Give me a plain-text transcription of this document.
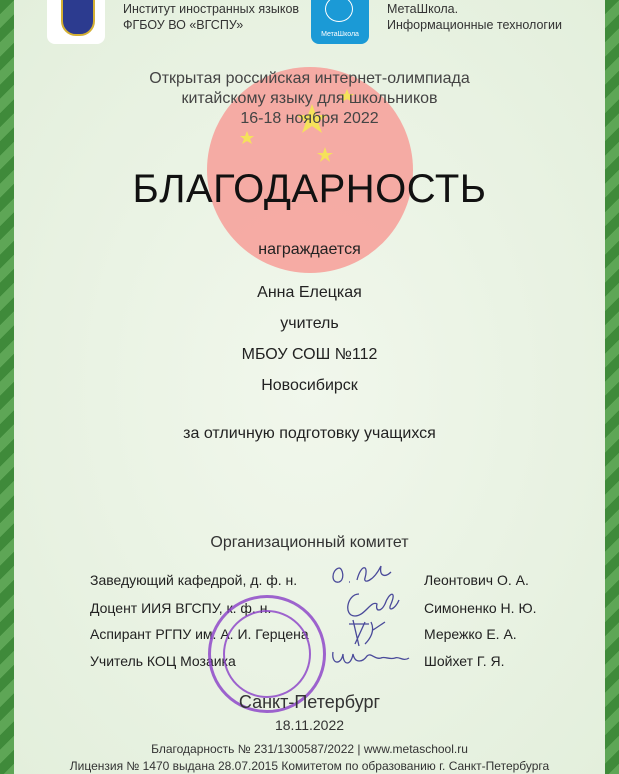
Институт иностранных языков
ФГБОУ ВО «ВГСПУ»
МетаШкола
МетаШкола.
Информационные технологии
Открытая российская интернет-олимпиада
китайскому языку для школьников
16-18 ноября 2022
БЛАГОДАРНОСТЬ
награждается
Анна Елецкая
учитель
МБОУ СОШ №112
Новосибирск
за отличную подготовку учащихся
Организационный комитет
Заведующий кафедрой, д. ф. н.	Леонтович О. А.
Доцент ИИЯ ВГСПУ, к. ф. н.	Симоненко Н. Ю.
Аспирант РГПУ им. А. И. Герцена	Мережко Е. А.
Учитель КОЦ Мозаика	Шойхет Г. Я.
Санкт-Петербург
18.11.2022
Благодарность № 231/1300587/2022 | www.metaschool.ru
Лицензия № 1470 выдана 28.07.2015 Комитетом по образованию г. Санкт-Петербурга
